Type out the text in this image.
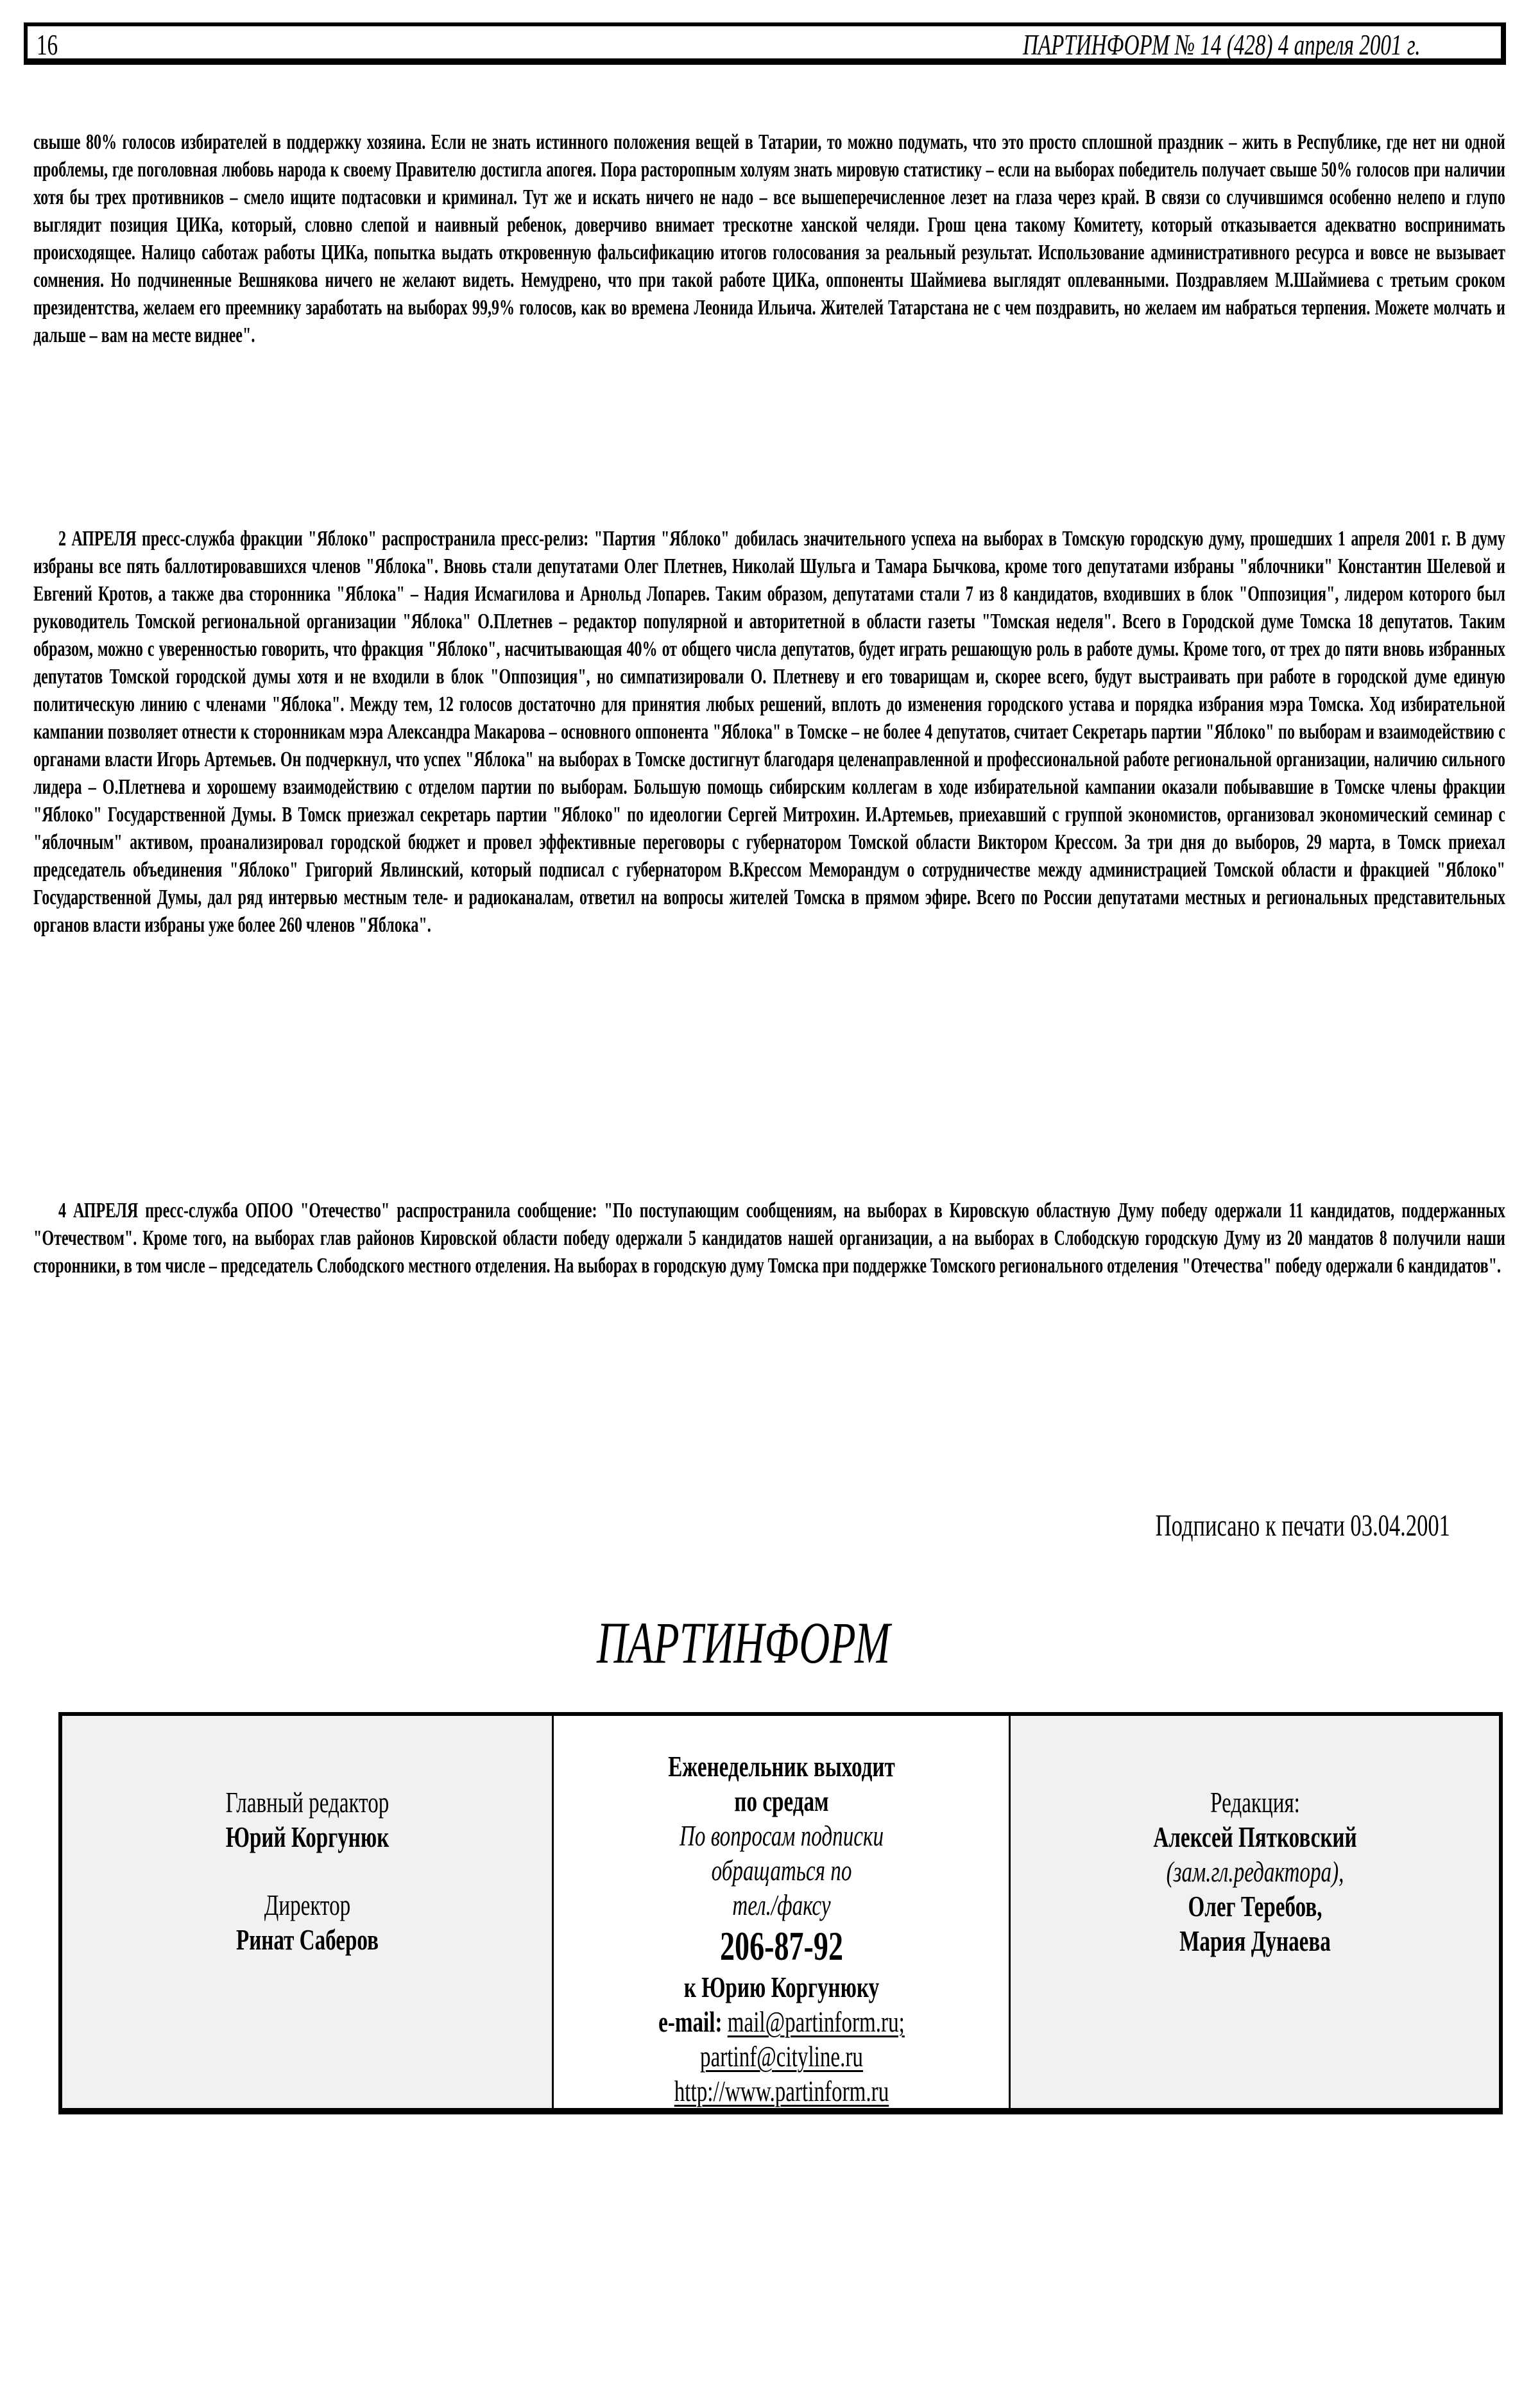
16	ПАРТИНФОРМ № 14 (428) 4 апреля 2001 г.

свыше 80% голосов избирателей в поддержку хозяина. Если не знать истинного положения вещей в Татарии, то можно подумать, что это просто сплошной праздник – жить в Республике, где нет ни одной проблемы, где поголовная любовь народа к своему Правителю достигла апогея. Пора расторопным холуям знать мировую статистику – если на выборах победитель получает свыше 50% голосов при наличии хотя бы трех противников – смело ищите подтасовки и криминал. Тут же и искать ничего не надо – все вышеперечисленное лезет на глаза через край. В связи со случившимся особенно нелепо и глупо выглядит позиция ЦИКа, который, словно слепой и наивный ребенок, доверчиво внимает трескотне ханской челяди. Грош цена такому Комитету, который отказывается адекватно воспринимать происходящее. Налицо саботаж работы ЦИКа, попытка выдать откровенную фальсификацию итогов голосования за реальный результат. Использование административного ресурса и вовсе не вызывает сомнения. Но подчиненные Вешнякова ничего не желают видеть. Немудрено, что при такой работе ЦИКа, оппоненты Шаймиева выглядят оплеванными. Поздравляем М.Шаймиева с третьим сроком президентства, желаем его преемнику заработать на выборах 99,9% голосов, как во времена Леонида Ильича. Жителей Татарстана не с чем поздравить, но желаем им набраться терпения. Можете молчать и дальше – вам на месте виднее".

2 АПРЕЛЯ пресс-служба фракции "Яблоко" распространила пресс-релиз: "Партия "Яблоко" добилась значительного успеха на выборах в Томскую городскую думу, прошедших 1 апреля 2001 г. В думу избраны все пять баллотировавшихся членов "Яблока". Вновь стали депутатами Олег Плетнев, Николай Шульга и Тамара Бычкова, кроме того депутатами избраны "яблочники" Константин Шелевой и Евгений Кротов, а также два сторонника "Яблока" – Надия Исмагилова и Арнольд Лопарев. Таким образом, депутатами стали 7 из 8 кандидатов, входивших в блок "Оппозиция", лидером которого был руководитель Томской региональной организации "Яблока" О.Плетнев – редактор популярной и авторитетной в области газеты "Томская неделя". Всего в Городской думе Томска 18 депутатов. Таким образом, можно с уверенностью говорить, что фракция "Яблоко", насчитывающая 40% от общего числа депутатов, будет играть решающую роль в работе думы. Кроме того, от трех до пяти вновь избранных депутатов Томской городской думы хотя и не входили в блок "Оппозиция", но симпатизировали О. Плетневу и его товарищам и, скорее всего, будут выстраивать при работе в городской думе единую политическую линию с членами "Яблока". Между тем, 12 голосов достаточно для принятия любых решений, вплоть до изменения городского устава и порядка избрания мэра Томска. Ход избирательной кампании позволяет отнести к сторонникам мэра Александра Макарова – основного оппонента "Яблока" в Томске – не более 4 депутатов, считает Секретарь партии "Яблоко" по выборам и взаимодействию с органами власти Игорь Артемьев. Он подчеркнул, что успех "Яблока" на выборах в Томске достигнут благодаря целенаправленной и профессиональной работе региональной организации, наличию сильного лидера – О.Плетнева и хорошему взаимодействию с отделом партии по выборам. Большую помощь сибирским коллегам в ходе избирательной кампании оказали побывавшие в Томске члены фракции "Яблоко" Государственной Думы. В Томск приезжал секретарь партии "Яблоко" по идеологии Сергей Митрохин. И.Артемьев, приехавший с группой экономистов, организовал экономический семинар с "яблочным" активом, проанализировал городской бюджет и провел эффективные переговоры с губернатором Томской области Виктором Крессом. За три дня до выборов, 29 марта, в Томск приехал председатель объединения "Яблоко" Григорий Явлинский, который подписал с губернатором В.Крессом Меморандум о сотрудничестве между администрацией Томской области и фракцией "Яблоко" Государственной Думы, дал ряд интервью местным теле- и радиоканалам, ответил на вопросы жителей Томска в прямом эфире. Всего по России депутатами местных и региональных представительных органов власти избраны уже более 260 членов "Яблока".

4 АПРЕЛЯ пресс-служба ОПОО "Отечество" распространила сообщение: "По поступающим сообщениям, на выборах в Кировскую областную Думу победу одержали 11 кандидатов, поддержанных "Отечеством". Кроме того, на выборах глав районов Кировской области победу одержали 5 кандидатов нашей организации, а на выборах в Слободскую городскую Думу из 20 мандатов 8 получили наши сторонники, в том числе – председатель Слободского местного отделения. На выборах в городскую думу Томска при поддержке Томского регионального отделения "Отечества" победу одержали 6 кандидатов".

Подписано к печати 03.04.2001
ПАРТИНФОРМ
Главный редактор
Юрий Коргунюк
Директор
Ринат Саберов
Еженедельник выходит
по средам
По вопросам подписки
обращаться по
тел./факсу
206-87-92
к Юрию Коргунюку
e-mail: mail@partinform.ru;
partinf@cityline.ru
http://www.partinform.ru
Редакция:
Алексей Пятковский
(зам.гл.редактора),
Олег Теребов,
Мария Дунаева
